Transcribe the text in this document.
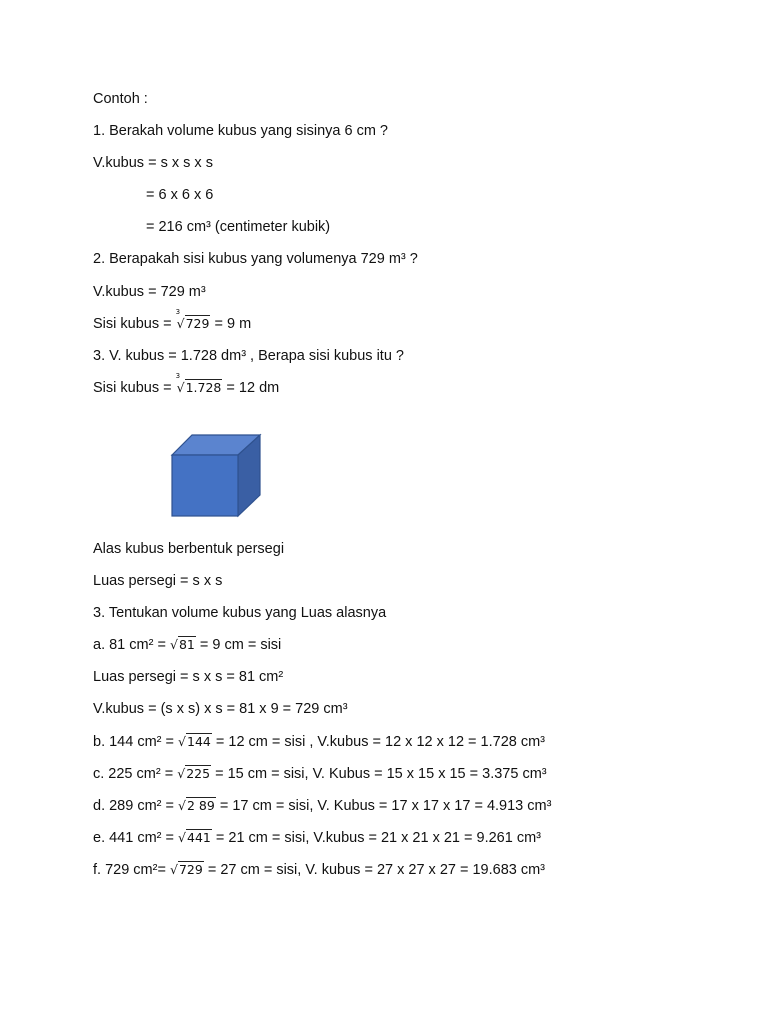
Contoh :
1. Berakah volume kubus yang sisinya 6 cm ?
V.kubus = s x s x s
= 6 x 6 x 6
= 216 cm³ (centimeter kubik)
2. Berapakah sisi kubus yang volumenya 729 m³ ?
V.kubus = 729 m³
Sisi kubus =
3
√729 = 9 m
3. V. kubus = 1.728 dm³ , Berapa sisi kubus itu ?
Sisi kubus =
3
√1.728 = 12 dm
Alas kubus berbentuk persegi
Luas persegi = s x s
3. Tentukan volume kubus yang Luas alasnya
a. 81 cm² = √81 = 9 cm = sisi
Luas persegi = s x s = 81 cm²
V.kubus = (s x s) x s = 81 x 9 = 729 cm³
b. 144 cm² = √144 = 12 cm = sisi , V.kubus = 12 x 12 x 12 = 1.728 cm³
c. 225 cm² = √225 = 15 cm = sisi, V. Kubus = 15 x 15 x 15 = 3.375 cm³
d. 289 cm² = √2 89 = 17 cm = sisi, V. Kubus = 17 x 17 x 17 = 4.913 cm³
e. 441 cm² = √441 = 21 cm = sisi, V.kubus = 21 x 21 x 21 = 9.261 cm³
f. 729 cm²= √729 = 27 cm = sisi, V. kubus = 27 x 27 x 27 = 19.683 cm³
